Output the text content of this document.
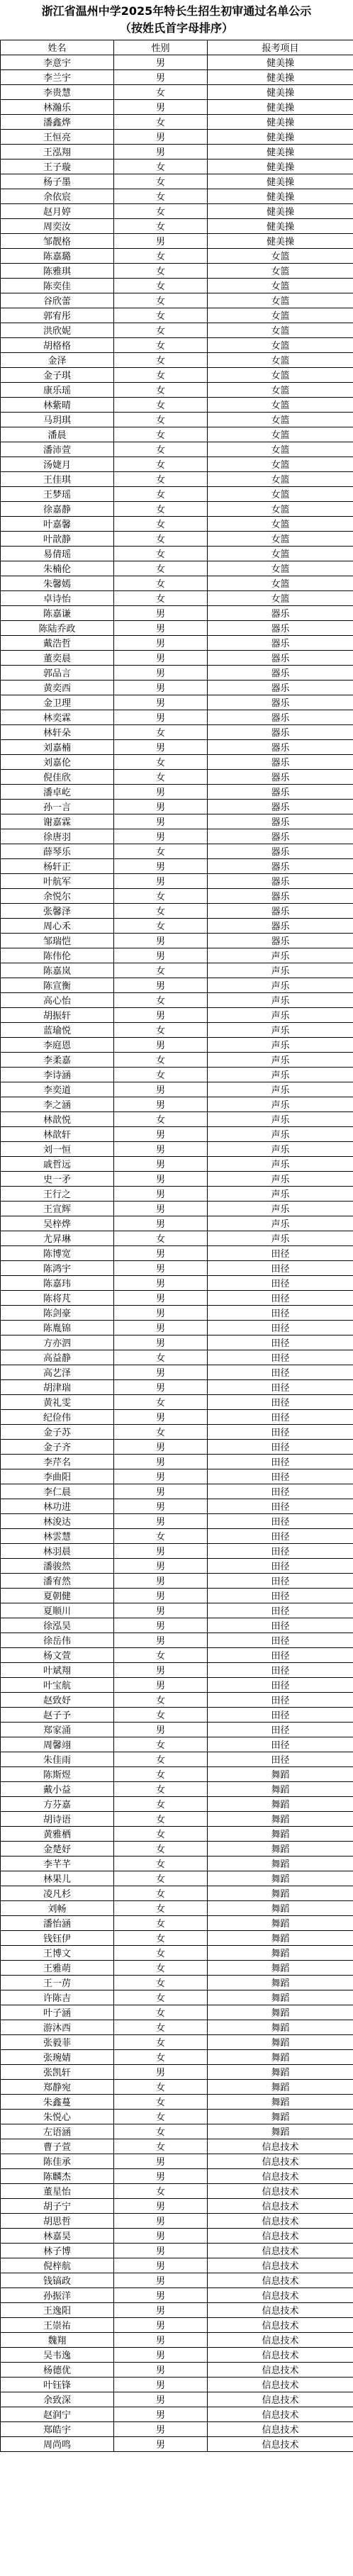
浙江省温州中学2025年特长生招生初审通过名单公示
（按姓氏首字母排序）
姓名	性别	报考项目
李意宇	男	健美操
李兰宇	男	健美操
李贵慧	女	健美操
林瀚乐	男	健美操
潘鑫烨	女	健美操
王恒亮	男	健美操
王泓翔	男	健美操
王子璇	女	健美操
杨子墨	女	健美操
余依宸	女	健美操
赵月婷	女	健美操
周奕汝	女	健美操
邹靓格	男	健美操
陈嘉璐	女	女篮
陈雅琪	女	女篮
陈奕佳	女	女篮
谷欣蕾	女	女篮
郭宥彤	女	女篮
洪欣妮	女	女篮
胡格格	女	女篮
金泽	女	女篮
金子琪	女	女篮
康乐瑶	女	女篮
林紫晴	女	女篮
马玥琪	女	女篮
潘晨	女	女篮
潘沛萱	女	女篮
汤婕月	女	女篮
王佳琪	女	女篮
王梦瑶	女	女篮
徐嘉静	女	女篮
叶嘉馨	女	女篮
叶歆静	女	女篮
易倩瑶	女	女篮
朱楠伦	女	女篮
朱馨嫣	女	女篮
卓诗怡	女	女篮
陈嘉谦	男	器乐
陈陆乔政	男	器乐
戴浩哲	男	器乐
董奕晨	男	器乐
郭品言	男	器乐
黄奕西	男	器乐
金卫理	男	器乐
林奕霖	男	器乐
林轩朵	女	器乐
刘嘉楠	男	器乐
刘嘉伦	女	器乐
倪佳欣	女	器乐
潘卓屹	男	器乐
孙一言	男	器乐
谢嘉霖	男	器乐
徐唐羽	男	器乐
薛琴乐	女	器乐
杨轩正	男	器乐
叶航军	男	器乐
余悦尔	女	器乐
张馨泽	女	器乐
周心禾	女	器乐
邹瑞恺	男	器乐
陈伟伦	男	声乐
陈嘉岚	女	声乐
陈宣衡	男	声乐
高心怡	女	声乐
胡振轩	男	声乐
蓝瑜悦	女	声乐
李庭恩	男	声乐
李柔嘉	女	声乐
李诗涵	女	声乐
李奕道	男	声乐
李之涵	男	声乐
林歆悦	女	声乐
林歆轩	男	声乐
刘一恒	男	声乐
戚哲远	男	声乐
史一矛	男	声乐
王行之	男	声乐
王宣辉	男	声乐
吴梓烨	男	声乐
尤昇琳	女	声乐
陈博宽	男	田径
陈鸿宇	男	田径
陈嘉玮	男	田径
陈将芃	男	田径
陈剑豪	男	田径
陈胤锦	男	田径
方亦泗	男	田径
高益静	女	田径
高艺泽	男	田径
胡津瑞	男	田径
黄礼雯	女	田径
纪俭伟	男	田径
金子苏	女	田径
金子齐	男	田径
李芹名	男	田径
李曲阳	男	田径
李仁晨	男	田径
林功进	男	田径
林浚达	男	田径
林雲慧	女	田径
林羽晨	男	田径
潘骏然	男	田径
潘宥然	男	田径
夏朝健	男	田径
夏顺川	男	田径
徐泓昊	男	田径
徐岳伟	男	田径
杨文萱	女	田径
叶斌翔	男	田径
叶宝航	男	田径
赵致妤	女	田径
赵子予	女	田径
郑家涌	男	田径
周馨翊	女	田径
朱佳雨	女	田径
陈斯煜	女	舞蹈
戴小益	女	舞蹈
方芬嘉	女	舞蹈
胡诗语	女	舞蹈
黄雅栖	女	舞蹈
金楚妤	女	舞蹈
李芊芊	女	舞蹈
林果儿	女	舞蹈
凌凡杉	女	舞蹈
刘畅	女	舞蹈
潘怡涵	女	舞蹈
钱钰伊	女	舞蹈
王博文	女	舞蹈
王雅萌	女	舞蹈
王一苈	女	舞蹈
许陈吉	女	舞蹈
叶子涵	女	舞蹈
游沐西	女	舞蹈
张毅菲	女	舞蹈
张琬婧	女	舞蹈
张凯轩	男	舞蹈
郑静宛	女	舞蹈
朱鑫蔓	女	舞蹈
朱悦心	女	舞蹈
左语涵	女	舞蹈
曹子萱	女	信息技术
陈佳承	男	信息技术
陈麟杰	男	信息技术
董星怡	女	信息技术
胡子宁	男	信息技术
胡思哲	男	信息技术
林嘉昊	男	信息技术
林子博	男	信息技术
倪梓航	男	信息技术
钱镐政	男	信息技术
孙振洋	男	信息技术
王逸阳	男	信息技术
王崇祐	男	信息技术
魏翔	男	信息技术
吴韦逸	男	信息技术
杨德优	男	信息技术
叶钰锋	男	信息技术
余致深	男	信息技术
赵润宁	男	信息技术
郑皓宇	男	信息技术
周尚鸣	男	信息技术
